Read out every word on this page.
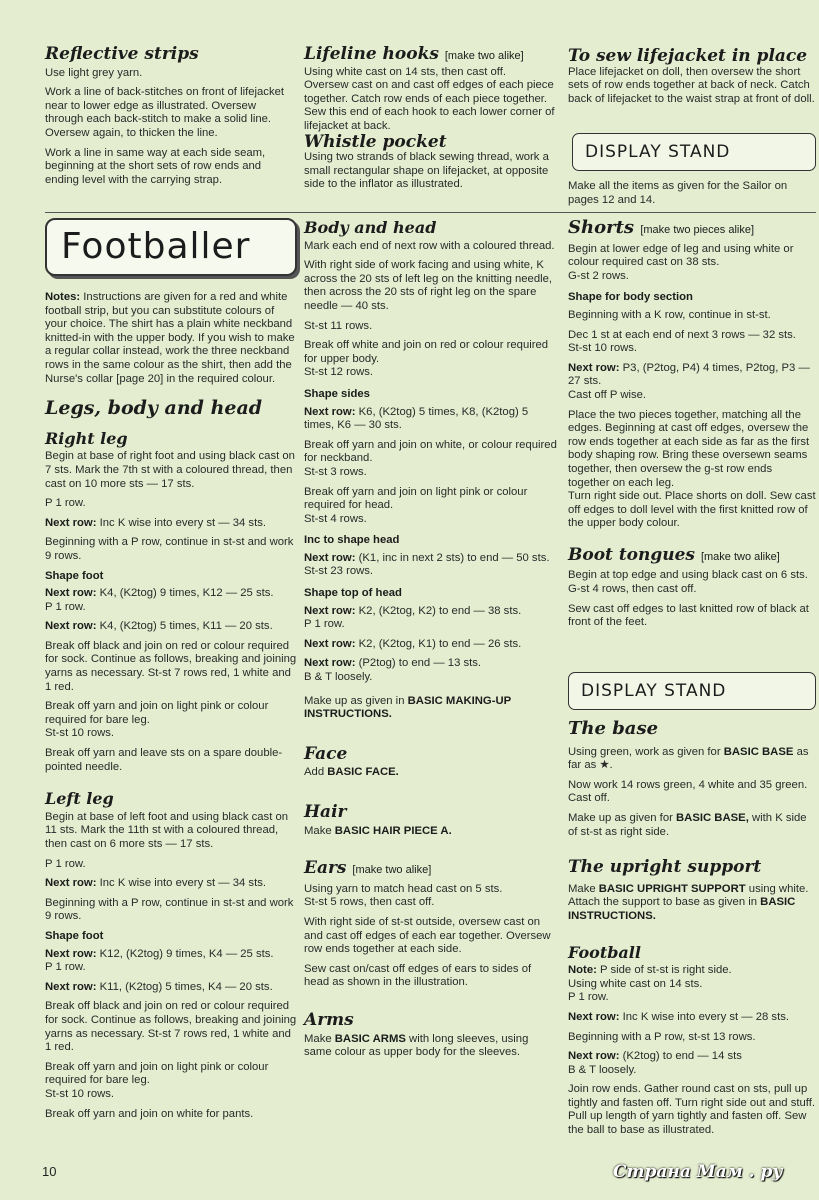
Reflective strips

Use light grey yarn.

Work a line of back-stitches on front of lifejacket near to lower edge as illustrated. Oversew through each back-stitch to make a solid line. Oversew again, to thicken the line.

Work a line in same way at each side seam, beginning at the short sets of row ends and ending level with the carrying strap.

Lifeline hooks [make two alike]

Using white cast on 14 sts, then cast off.

Oversew cast on and cast off edges of each piece together. Catch row ends of each piece together. Sew this end of each hook to each lower corner of lifejacket at back.

Whistle pocket

Using two strands of black sewing thread, work a small rectangular shape on lifejacket, at opposite side to the inflator as illustrated.

To sew lifejacket in place

Place lifejacket on doll, then oversew the short sets of row ends together at back of neck. Catch back of lifejacket to the waist strap at front of doll.

DISPLAY STAND

Make all the items as given for the Sailor on pages 12 and 14.

Footballer

Notes: Instructions are given for a red and white football strip, but you can substitute colours of your choice. The shirt has a plain white neckband knitted-in with the upper body. If you wish to make a regular collar instead, work the three neckband rows in the same colour as the shirt, then add the Nurse's collar [page 20] in the required colour.

Legs, body and head
Right leg

Begin at base of right foot and using black cast on 7 sts. Mark the 7th st with a coloured thread, then cast on 10 more sts — 17 sts.

P 1 row.

Next row: Inc K wise into every st — 34 sts.

Beginning with a P row, continue in st-st and work 9 rows.

Shape foot

Next row: K4, (K2tog) 9 times, K12 — 25 sts.

P 1 row.

Next row: K4, (K2tog) 5 times, K11 — 20 sts.

Break off black and join on red or colour required for sock. Continue as follows, breaking and joining yarns as necessary. St-st 7 rows red, 1 white and 1 red.

Break off yarn and join on light pink or colour required for bare leg.

St-st 10 rows.

Break off yarn and leave sts on a spare double-pointed needle.

Left leg

Begin at base of left foot and using black cast on 11 sts. Mark the 11th st with a coloured thread, then cast on 6 more sts — 17 sts.

P 1 row.

Next row: Inc K wise into every st — 34 sts.

Beginning with a P row, continue in st-st and work 9 rows.

Shape foot

Next row: K12, (K2tog) 9 times, K4 — 25 sts.

P 1 row.

Next row: K11, (K2tog) 5 times, K4 — 20 sts.

Break off black and join on red or colour required for sock. Continue as follows, breaking and joining yarns as necessary. St-st 7 rows red, 1 white and 1 red.

Break off yarn and join on light pink or colour required for bare leg.

St-st 10 rows.

Break off yarn and join on white for pants.

Body and head

Mark each end of next row with a coloured thread.

With right side of work facing and using white, K across the 20 sts of left leg on the knitting needle, then across the 20 sts of right leg on the spare needle — 40 sts.

St-st 11 rows.

Break off white and join on red or colour required for upper body.

St-st 12 rows.

Shape sides

Next row: K6, (K2tog) 5 times, K8, (K2tog) 5 times, K6 — 30 sts.

Break off yarn and join on white, or colour required for neckband.

St-st 3 rows.

Break off yarn and join on light pink or colour required for head.

St-st 4 rows.

Inc to shape head

Next row: (K1, inc in next 2 sts) to end — 50 sts.

St-st 23 rows.

Shape top of head

Next row: K2, (K2tog, K2) to end — 38 sts.

P 1 row.

Next row: K2, (K2tog, K1) to end — 26 sts.

Next row: (P2tog) to end — 13 sts.

B & T loosely.

Make up as given in BASIC MAKING-UP INSTRUCTIONS.

Face

Add BASIC FACE.

Hair

Make BASIC HAIR PIECE A.

Ears [make two alike]

Using yarn to match head cast on 5 sts.

St-st 5 rows, then cast off.

With right side of st-st outside, oversew cast on and cast off edges of each ear together. Oversew row ends together at each side.

Sew cast on/cast off edges of ears to sides of head as shown in the illustration.

Arms

Make BASIC ARMS with long sleeves, using same colour as upper body for the sleeves.

Shorts [make two pieces alike]

Begin at lower edge of leg and using white or colour required cast on 38 sts.

G-st 2 rows.

Shape for body section

Beginning with a K row, continue in st-st.

Dec 1 st at each end of next 3 rows — 32 sts.

St-st 10 rows.

Next row: P3, (P2tog, P4) 4 times, P2tog, P3 — 27 sts.

Cast off P wise.

Place the two pieces together, matching all the edges. Beginning at cast off edges, oversew the row ends together at each side as far as the first body shaping row. Bring these oversewn seams together, then oversew the g-st row ends together on each leg.

Turn right side out. Place shorts on doll. Sew cast off edges to doll level with the first knitted row of the upper body colour.

Boot tongues [make two alike]

Begin at top edge and using black cast on 6 sts.

G-st 4 rows, then cast off.

Sew cast off edges to last knitted row of black at front of the feet.

DISPLAY STAND
The base

Using green, work as given for BASIC BASE as far as ★.

Now work 14 rows green, 4 white and 35 green.

Cast off.

Make up as given for BASIC BASE, with K side of st-st as right side.

The upright support

Make BASIC UPRIGHT SUPPORT using white. Attach the support to base as given in BASIC INSTRUCTIONS.

Football

Note: P side of st-st is right side.

Using white cast on 14 sts.

P 1 row.

Next row: Inc K wise into every st — 28 sts.

Beginning with a P row, st-st 13 rows.

Next row: (K2tog) to end — 14 sts

B & T loosely.

Join row ends. Gather round cast on sts, pull up tightly and fasten off. Turn right side out and stuff. Pull up length of yarn tightly and fasten off. Sew the ball to base as illustrated.

10	Страна Мам . ру
